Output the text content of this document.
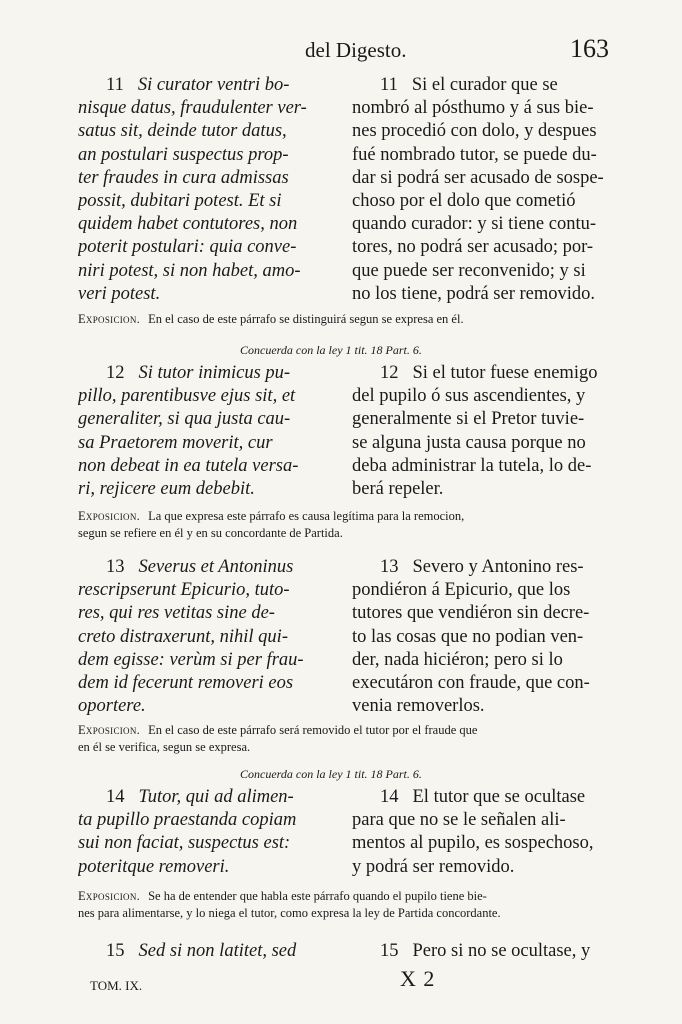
del Digesto.	163
11 Si curator ventri bo-
nisque datus, fraudulenter ver-
satus sit, deinde tutor datus,
an postulari suspectus prop-
ter fraudes in cura admissas
possit, dubitari potest. Et si
quidem habet contutores, non
poterit postulari: quia conve-
niri potest, si non habet, amo-
veri potest.
11 Si el curador que se
nombró al pósthumo y á sus bie-
nes procedió con dolo, y despues
fué nombrado tutor, se puede du-
dar si podrá ser acusado de sospe-
choso por el dolo que cometió
quando curador: y si tiene contu-
tores, no podrá ser acusado; por-
que puede ser reconvenido; y si
no los tiene, podrá ser removido.
Exposicion. En el caso de este párrafo se distinguirá segun se expresa en él.
Concuerda con la ley 1 tit. 18 Part. 6.
12 Si tutor inimicus pu-
pillo, parentibusve ejus sit, et
generaliter, si qua justa cau-
sa Praetorem moverit, cur
non debeat in ea tutela versa-
ri, rejicere eum debebit.
12 Si el tutor fuese enemigo
del pupilo ó sus ascendientes, y
generalmente si el Pretor tuvie-
se alguna justa causa porque no
deba administrar la tutela, lo de-
berá repeler.
Exposicion. La que expresa este párrafo es causa legítima para la remocion,
segun se refiere en él y en su concordante de Partida.
13 Severus et Antoninus
rescripserunt Epicurio, tuto-
res, qui res vetitas sine de-
creto distraxerunt, nihil qui-
dem egisse: verùm si per frau-
dem id fecerunt removeri eos
oportere.
13 Severo y Antonino res-
pondiéron á Epicurio, que los
tutores que vendiéron sin decre-
to las cosas que no podian ven-
der, nada hiciéron; pero si lo
executáron con fraude, que con-
venia removerlos.
Exposicion. En el caso de este párrafo será removido el tutor por el fraude que
en él se verifica, segun se expresa.
Concuerda con la ley 1 tit. 18 Part. 6.
14 Tutor, qui ad alimen-
ta pupillo praestanda copiam
sui non faciat, suspectus est:
poteritque removeri.
14 El tutor que se ocultase
para que no se le señalen ali-
mentos al pupilo, es sospechoso,
y podrá ser removido.
Exposicion. Se ha de entender que habla este párrafo quando el pupilo tiene bie-
nes para alimentarse, y lo niega el tutor, como expresa la ley de Partida concordante.
15 Sed si non latitet, sed	15 Pero si no se ocultase, y
TOM. IX.	X 2
